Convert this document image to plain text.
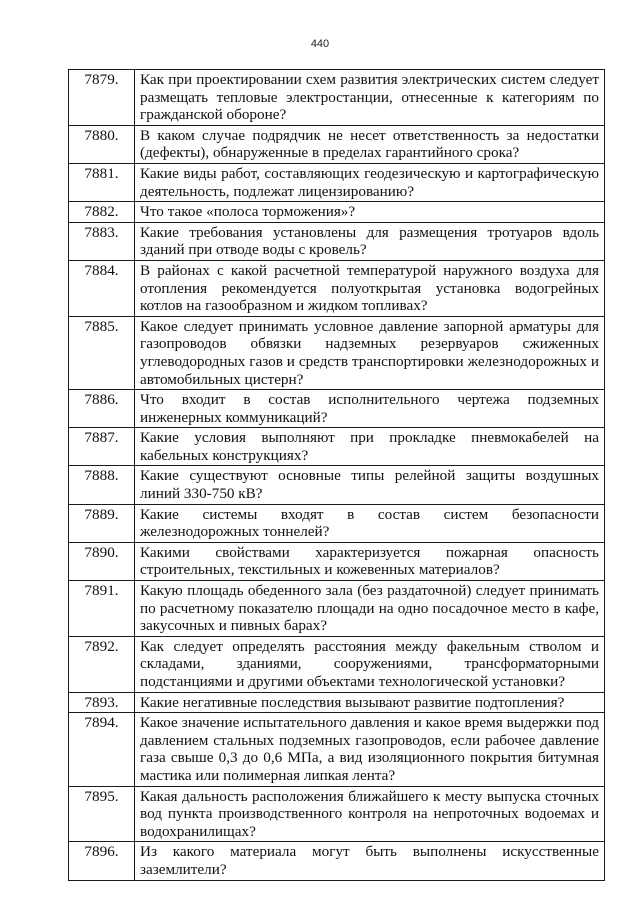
440
7879.	Как при проектировании схем развития электрических систем следует размещать тепловые электростанции, отнесенные к категориям по гражданской обороне?
7880.	В каком случае подрядчик не несет ответственность за недостатки (дефекты), обнаруженные в пределах гарантийного срока?
7881.	Какие виды работ, составляющих геодезическую и картографическую деятельность, подлежат лицензированию?
7882.	Что такое «полоса торможения»?
7883.	Какие требования установлены для размещения тротуаров вдоль зданий при отводе воды с кровель?
7884.	В районах с какой расчетной температурой наружного воздуха для отопления рекомендуется полуоткрытая установка водогрейных котлов на газообразном и жидком топливах?
7885.	Какое следует принимать условное давление запорной арматуры для газопроводов обвязки надземных резервуаров сжиженных углеводородных газов и средств транспортировки железнодорожных и автомобильных цистерн?
7886.	Что входит в состав исполнительного чертежа подземных инженерных коммуникаций?
7887.	Какие условия выполняют при прокладке пневмокабелей на кабельных конструкциях?
7888.	Какие существуют основные типы релейной защиты воздушных линий 330-750 кВ?
7889.	Какие системы входят в состав систем безопасности железнодорожных тоннелей?
7890.	Какими свойствами характеризуется пожарная опасность строительных, текстильных и кожевенных материалов?
7891.	Какую площадь обеденного зала (без раздаточной) следует принимать по расчетному показателю площади на одно посадочное место в кафе, закусочных и пивных барах?
7892.	Как следует определять расстояния между факельным стволом и складами, зданиями, сооружениями, трансформаторными подстанциями и другими объектами технологической установки?
7893.	Какие негативные последствия вызывают развитие подтопления?
7894.	Какое значение испытательного давления и какое время выдержки под давлением стальных подземных газопроводов, если рабочее давление газа свыше 0,3 до 0,6 МПа, а вид изоляционного покрытия битумная мастика или полимерная липкая лента?
7895.	Какая дальность расположения ближайшего к месту выпуска сточных вод пункта производственного контроля на непроточных водоемах и водохранилищах?
7896.	Из какого материала могут быть выполнены искусственные заземлители?
